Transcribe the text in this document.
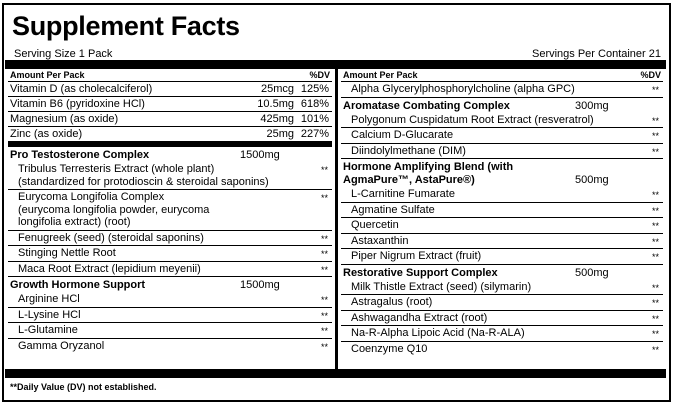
Supplement Facts
Serving Size 1 Pack	Servings Per Container 21
Amount Per Pack	%DV
Vitamin D (as cholecalciferol)	25mcg 125%
Vitamin B6 (pyridoxine HCl)	10.5mg 618%
Magnesium (as oxide)	425mg 101%
Zinc (as oxide)	25mg 227%
Pro Testosterone Complex	1500mg
Tribulus Terresteris Extract (whole plant)
(standardized for protodioscin & steroidal saponins)
**
Eurycoma Longifolia Complex
(eurycoma longifolia powder, eurycoma
longifolia extract) (root)
**
Fenugreek (seed) (steroidal saponins)	**
Stinging Nettle Root	**
Maca Root Extract (lepidium meyenii)	**
Growth Hormone Support	1500mg
Arginine HCl	**
L-Lysine HCl	**
L-Glutamine	**
Gamma Oryzanol	**
Amount Per Pack	%DV
Alpha Glycerylphosphorylcholine (alpha GPC)	**
Aromatase Combating Complex	300mg
Polygonum Cuspidatum Root Extract (resveratrol)	**
Calcium D-Glucarate	**
Diindolylmethane (DIM)	**
Hormone Amplifying Blend (with
AgmaPure™, AstaPure®)	500mg
L-Carnitine Fumarate	**
Agmatine Sulfate	**
Quercetin	**
Astaxanthin	**
Piper Nigrum Extract (fruit)	**
Restorative Support Complex	500mg
Milk Thistle Extract (seed) (silymarin)	**
Astragalus (root)	**
Ashwagandha Extract (root)	**
Na-R-Alpha Lipoic Acid (Na-R-ALA)	**
Coenzyme Q10	**
**Daily Value (DV) not established.
